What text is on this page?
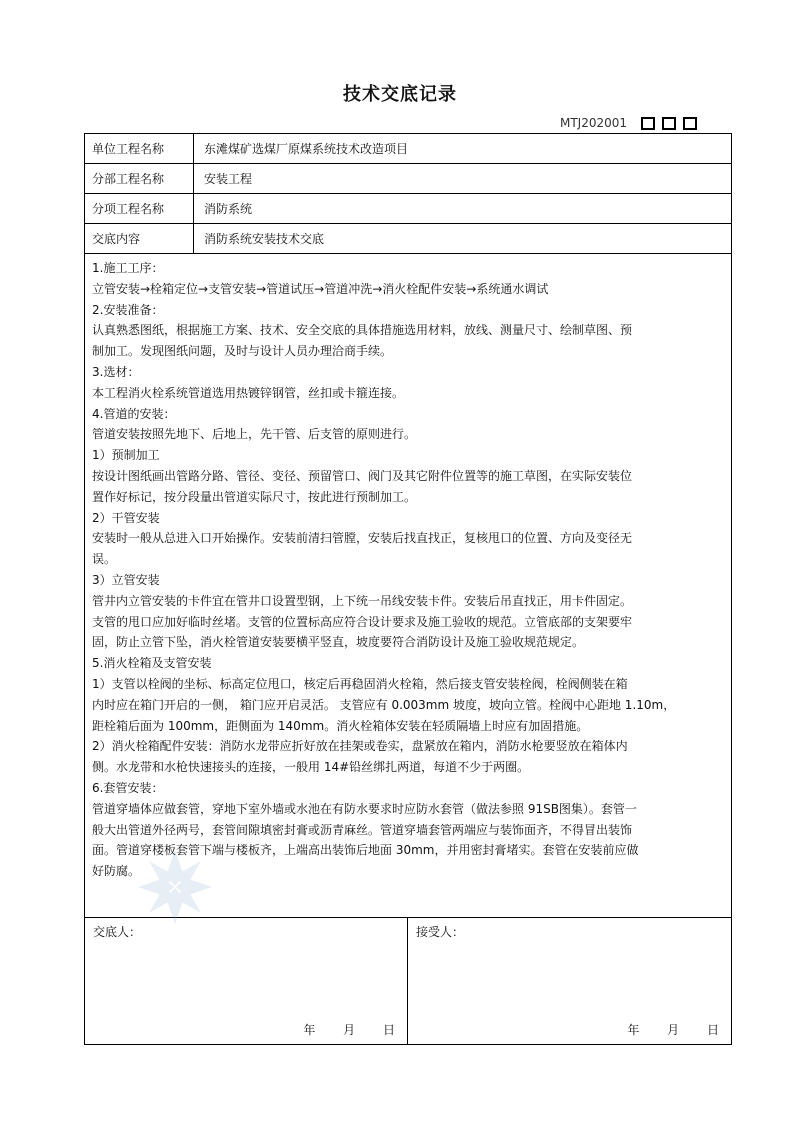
技术交底记录
MTJ202001
单位工程名称	东滩煤矿选煤厂原煤系统技术改造项目
分部工程名称	安装工程
分项工程名称	消防系统
交底内容	消防系统安装技术交底
1.施工工序：
立管安装→栓箱定位→支管安装→管道试压→管道冲洗→消火栓配件安装→系统通水调试
2.安装准备：
认真熟悉图纸，根据施工方案、技术、安全交底的具体措施选用材料，放线、测量尺寸、绘制草图、预
制加工。发现图纸问题，及时与设计人员办理洽商手续。
3.选材：
本工程消火栓系统管道选用热镀锌钢管，丝扣或卡箍连接。
4.管道的安装：
管道安装按照先地下、后地上，先干管、后支管的原则进行。
1）预制加工
按设计图纸画出管路分路、管径、变径、预留管口、阀门及其它附件位置等的施工草图，在实际安装位
置作好标记，按分段量出管道实际尺寸，按此进行预制加工。
2）干管安装
安装时一般从总进入口开始操作。安装前清扫管膛，安装后找直找正，复核甩口的位置、方向及变径无
误。
3）立管安装
管井内立管安装的卡件宜在管井口设置型钢，上下统一吊线安装卡件。安装后吊直找正，用卡件固定。
支管的甩口应加好临时丝堵。支管的位置标高应符合设计要求及施工验收的规范。立管底部的支架要牢
固，防止立管下坠，消火栓管道安装要横平竖直，坡度要符合消防设计及施工验收规范规定。
5.消火栓箱及支管安装
1）支管以栓阀的坐标、标高定位甩口，核定后再稳固消火栓箱，然后接支管安装栓阀，栓阀侧装在箱
内时应在箱门开启的一侧， 箱门应开启灵活。 支管应有 0.003mm 坡度，坡向立管。栓阀中心距地 1.10m，
距栓箱后面为 100mm，距侧面为 140mm。消火栓箱体安装在轻质隔墙上时应有加固措施。
2）消火栓箱配件安装：消防水龙带应折好放在挂架或卷实，盘紧放在箱内，消防水枪要竖放在箱体内
侧。水龙带和水枪快速接头的连接，一般用 14#铅丝绑扎两道，每道不少于两圈。
6.套管安装：
管道穿墙体应做套管，穿地下室外墙或水池在有防水要求时应防水套管（做法参照 91SB图集）。套管一
般大出管道外径两号，套管间隙填密封膏或沥青麻丝。管道穿墙套管两端应与装饰面齐，不得冒出装饰
面。管道穿楼板套管下端与楼板齐，上端高出装饰后地面 30mm，并用密封膏堵实。套管在安装前应做
好防腐。
交底人：
年 月 日
接受人：
年 月 日
